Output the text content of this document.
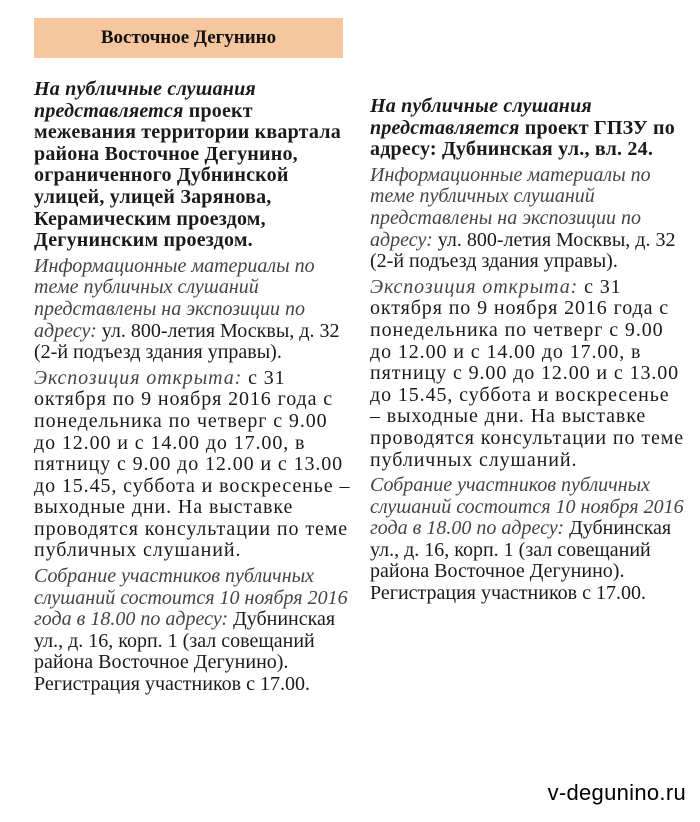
Восточное Дегунино

На публичные слушания представляется проект межевания территории квартала района Восточное Дегунино, ограниченного Дубнинской улицей, улицей Заряновa, Керамическим проездом, Дегунинским проездом.

Информационные материалы по теме публичных слушаний представлены на экспозиции по адресу: ул. 800-летия Москвы, д. 32 (2-й подъезд здания управы).

Экспозиция открыта: с 31 октября по 9 ноября 2016 года с понедельника по четверг с 9.00 до 12.00 и с 14.00 до 17.00, в пятницу с 9.00 до 12.00 и с 13.00 до 15.45, суббота и воскресенье – выходные дни. На выставке проводятся консультации по теме публичных слушаний.

Собрание участников публичных слушаний состоится 10 ноября 2016 года в 18.00 по адресу: Дубнинская ул., д. 16, корп. 1 (зал совещаний района Восточное Дегунино). Регистрация участников с 17.00.

На публичные слушания представляется проект ГПЗУ по адресу: Дубнинская ул., вл. 24.

Информационные материалы по теме публичных слушаний представлены на экспозиции по адресу: ул. 800-летия Москвы, д. 32 (2-й подъезд здания управы).

Экспозиция открыта: с 31 октября по 9 ноября 2016 года с понедельника по четверг с 9.00 до 12.00 и с 14.00 до 17.00, в пятницу с 9.00 до 12.00 и с 13.00 до 15.45, суббота и воскресенье – выходные дни. На выставке проводятся консультации по теме публичных слушаний.

Собрание участников публичных слушаний состоится 10 ноября 2016 года в 18.00 по адресу: Дубнинская ул., д. 16, корп. 1 (зал совещаний района Восточное Дегунино). Регистрация участников с 17.00.

v-degunino.ru
